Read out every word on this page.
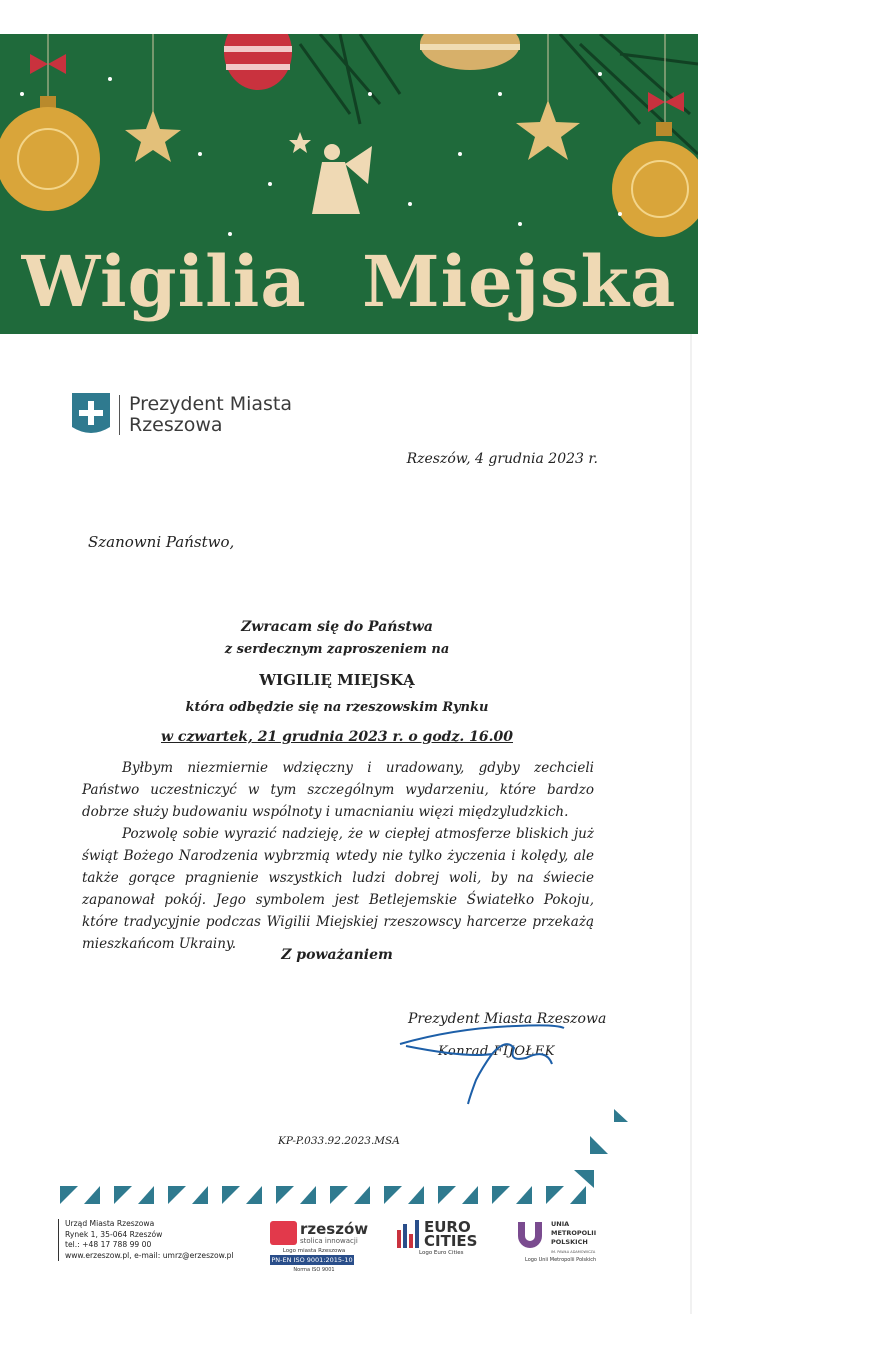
Wigilia Miejska
Prezydent Miasta
Rzeszowa
Rzeszów, 4 grudnia 2023 r.
Szanowni Państwo,
Zwracam się do Państwa
z serdecznym zaproszeniem na
WIGILIĘ MIEJSKĄ
która odbędzie się na rzeszowskim Rynku
w czwartek, 21 grudnia 2023 r. o godz. 16.00

Byłbym niezmiernie wdzięczny i uradowany, gdyby zechcieli Państwo uczestniczyć w tym szczególnym wydarzeniu, które bardzo dobrze służy budowaniu wspólnoty i umacnianiu więzi międzyludzkich.

Pozwolę sobie wyrazić nadzieję, że w ciepłej atmosferze bliskich już świąt Bożego Narodzenia wybrzmią wtedy nie tylko życzenia i kolędy, ale także gorące pragnienie wszystkich ludzi dobrej woli, by na świecie zapanował pokój. Jego symbolem jest Betlejemskie Światełko Pokoju, które tradycyjnie podczas Wigilii Miejskiej rzeszowscy harcerze przekażą mieszkańcom Ukrainy.

Z poważaniem
Prezydent Miasta Rzeszowa
Konrad FIJOŁEK
KP-P.033.92.2023.MSA
Urząd Miasta Rzeszowa
Rynek 1, 35-064 Rzeszów
tel.: +48 17 788 99 00
www.erzeszow.pl, e-mail: umrz@erzeszow.pl
rzeszów
stolica innowacji
Logo miasta Rzeszowa
PN-EN ISO 9001:2015-10
Norma ISO 9001
EURO
CITIES
Logo Euro Cities
UNIA
METROPOLII
POLSKICH
IM. PAWŁA ADAMOWICZA
Logo Unii Metropolii Polskich
